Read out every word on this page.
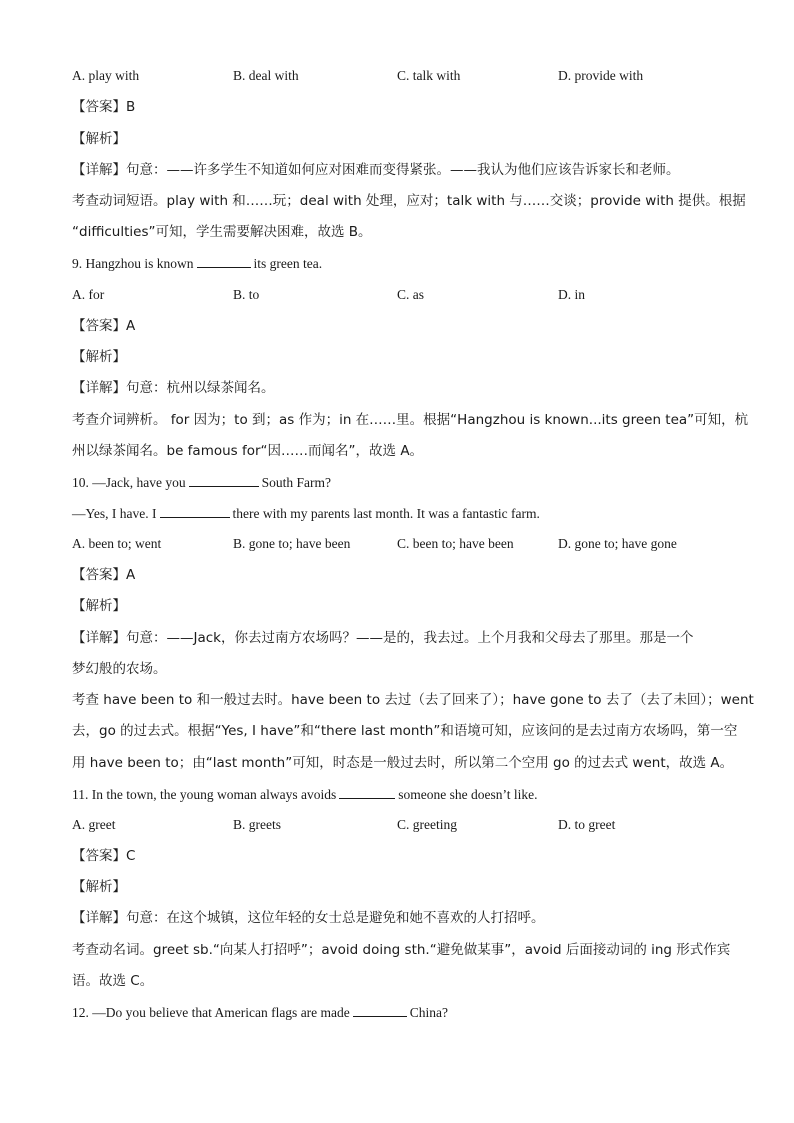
A. play with	B. deal with	C. talk with	D. provide with
【答案】B
【解析】
【详解】句意：——许多学生不知道如何应对困难而变得紧张。——我认为他们应该告诉家长和老师。
考查动词短语。play with 和……玩；deal with 处理，应对；talk with 与……交谈；provide with 提供。根据
“difficulties”可知，学生需要解决困难，故选 B。
9. Hangzhou is known	its green tea.
A. for	B. to	C. as	D. in
【答案】A
【解析】
【详解】句意：杭州以绿茶闻名。
考查介词辨析。 for 因为；to 到；as 作为；in 在……里。根据“Hangzhou is known...its green tea”可知，杭
州以绿茶闻名。be famous for“因……而闻名”，故选 A。
10. —Jack, have you	South Farm?
—Yes, I have. I	there with my parents last month. It was a fantastic farm.
A. been to; went	B. gone to; have been	C. been to; have been	D. gone to; have gone
【答案】A
【解析】
【详解】句意：——Jack，你去过南方农场吗？——是的，我去过。上个月我和父母去了那里。那是一个
梦幻般的农场。
考查 have been to 和一般过去时。have been to 去过（去了回来了）；have gone to 去了（去了未回）；went
去，go 的过去式。根据“Yes, I have”和“there last month”和语境可知，应该问的是去过南方农场吗，第一空
用 have been to；由“last month”可知，时态是一般过去时，所以第二个空用 go 的过去式 went，故选 A。
11. In the town, the young woman always avoids	someone she doesn’t like.
A. greet	B. greets	C. greeting	D. to greet
【答案】C
【解析】
【详解】句意：在这个城镇，这位年轻的女士总是避免和她不喜欢的人打招呼。
考查动名词。greet sb.“向某人打招呼”；avoid doing sth.“避免做某事”，avoid 后面接动词的 ing 形式作宾
语。故选 C。
12. —Do you believe that American flags are made	China?
